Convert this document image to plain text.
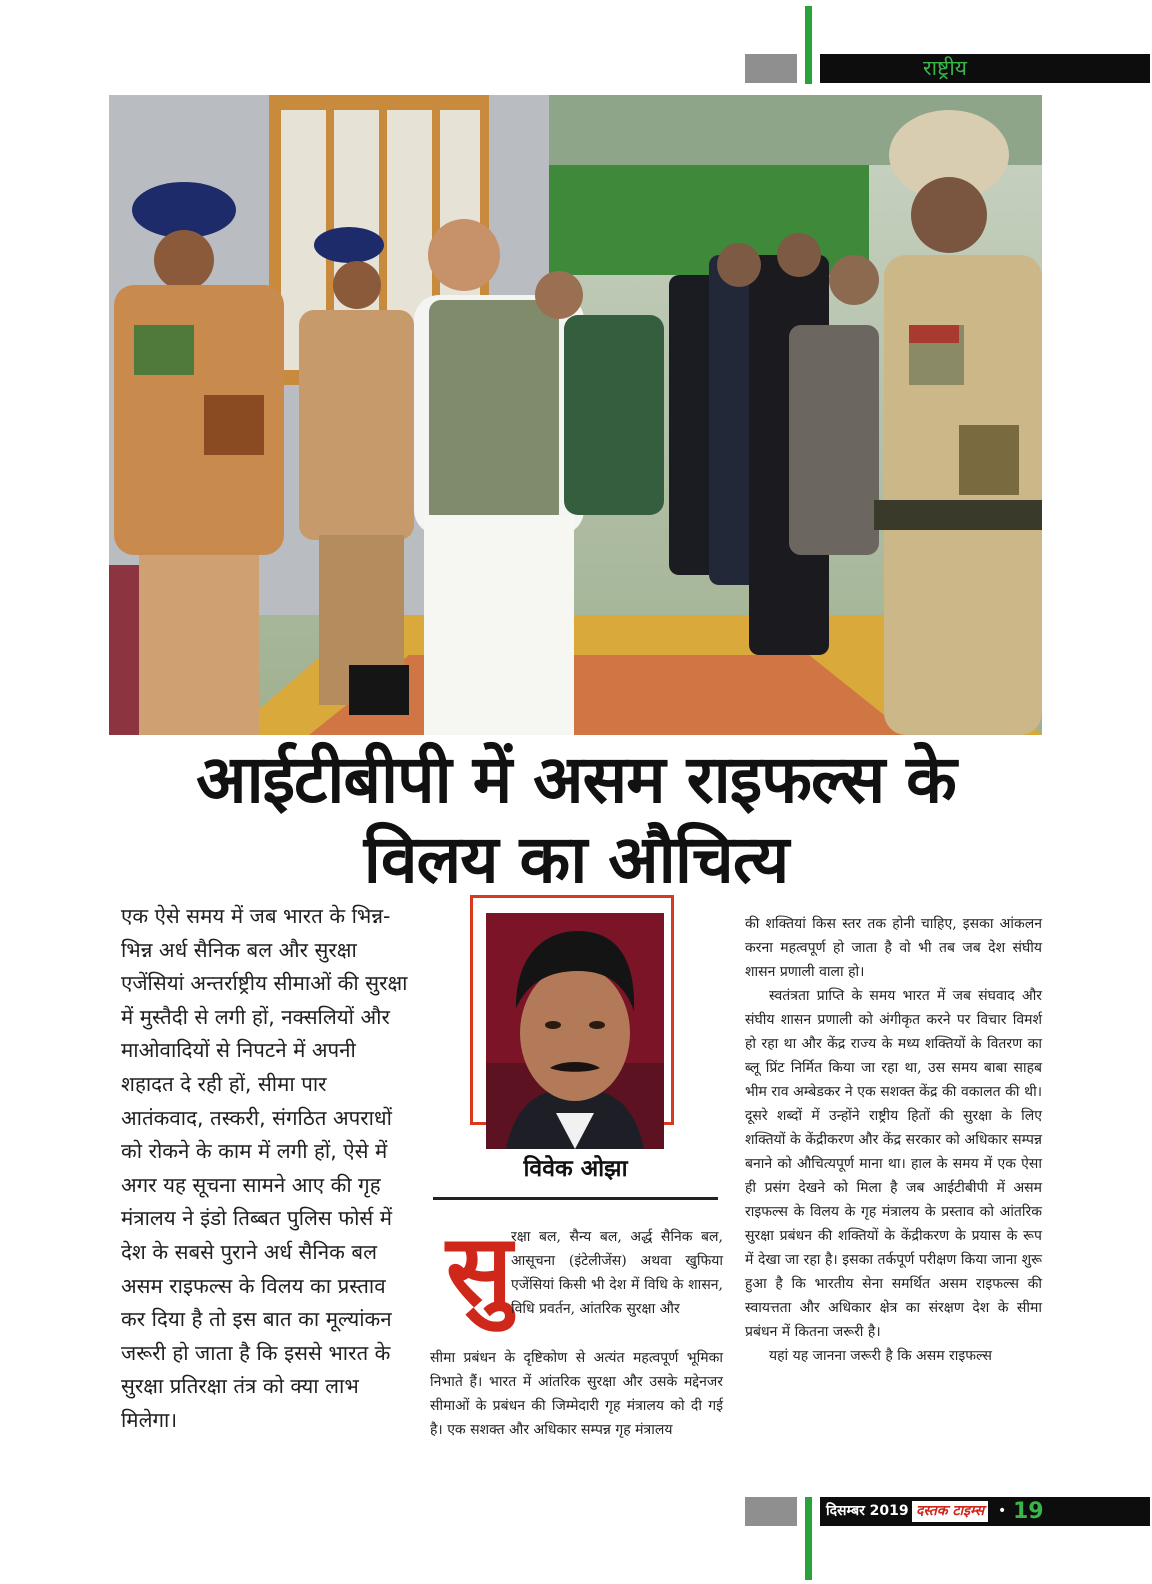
राष्ट्रीय
आईटीबीपी में असम राइफल्स के
विलय का औचित्य
एक ऐसे समय में जब भारत के भिन्न-भिन्न अर्ध सैनिक बल और सुरक्षा एजेंसियां अन्तर्राष्ट्रीय सीमाओं की सुरक्षा में मुस्तैदी से लगी हों, नक्सलियों और माओवादियों से निपटने में अपनी शहादत दे रही हों, सीमा पार आतंकवाद, तस्करी, संगठित अपराधों को रोकने के काम में लगी हों, ऐसे में अगर यह सूचना सामने आए की गृह मंत्रालय ने इंडो तिब्बत पुलिस फोर्स में देश के सबसे पुराने अर्ध सैनिक बल असम राइफल्स के विलय का प्रस्ताव कर दिया है तो इस बात का मूल्यांकन जरूरी हो जाता है कि इससे भारत के सुरक्षा प्रतिरक्षा तंत्र को क्या लाभ मिलेगा।
विवेक ओझा
सु
रक्षा बल, सैन्य बल, अर्द्ध सैनिक बल, आसूचना (इंटेलीजेंस) अथवा खुफिया एजेंसियां किसी भी देश में विधि के शासन, विधि प्रवर्तन, आंतरिक सुरक्षा और
सीमा प्रबंधन के दृष्टिकोण से अत्यंत महत्वपूर्ण भूमिका निभाते हैं। भारत में आंतरिक सुरक्षा और उसके मद्देनजर सीमाओं के प्रबंधन की जिम्मेदारी गृह मंत्रालय को दी गई है। एक सशक्त और अधिकार सम्पन्न गृह मंत्रालय

की शक्तियां किस स्तर तक होनी चाहिए, इसका आंकलन करना महत्वपूर्ण हो जाता है वो भी तब जब देश संघीय शासन प्रणाली वाला हो।

स्वतंत्रता प्राप्ति के समय भारत में जब संघवाद और संघीय शासन प्रणाली को अंगीकृत करने पर विचार विमर्श हो रहा था और केंद्र राज्य के मध्य शक्तियों के वितरण का ब्लू प्रिंट निर्मित किया जा रहा था, उस समय बाबा साहब भीम राव अम्बेडकर ने एक सशक्त केंद्र की वकालत की थी। दूसरे शब्दों में उन्होंने राष्ट्रीय हितों की सुरक्षा के लिए शक्तियों के केंद्रीकरण और केंद्र सरकार को अधिकार सम्पन्न बनाने को औचित्यपूर्ण माना था। हाल के समय में एक ऐसा ही प्रसंग देखने को मिला है जब आईटीबीपी में असम राइफल्स के विलय के गृह मंत्रालय के प्रस्ताव को आंतरिक सुरक्षा प्रबंधन की शक्तियों के केंद्रीकरण के प्रयास के रूप में देखा जा रहा है। इसका तर्कपूर्ण परीक्षण किया जाना शुरू हुआ है कि भारतीय सेना समर्थित असम राइफल्स की स्वायत्तता और अधिकार क्षेत्र का संरक्षण देश के सीमा प्रबंधन में कितना जरूरी है।

यहां यह जानना जरूरी है कि असम राइफल्स

दिसम्बर 2019 दस्तक टाइम्स • 19
